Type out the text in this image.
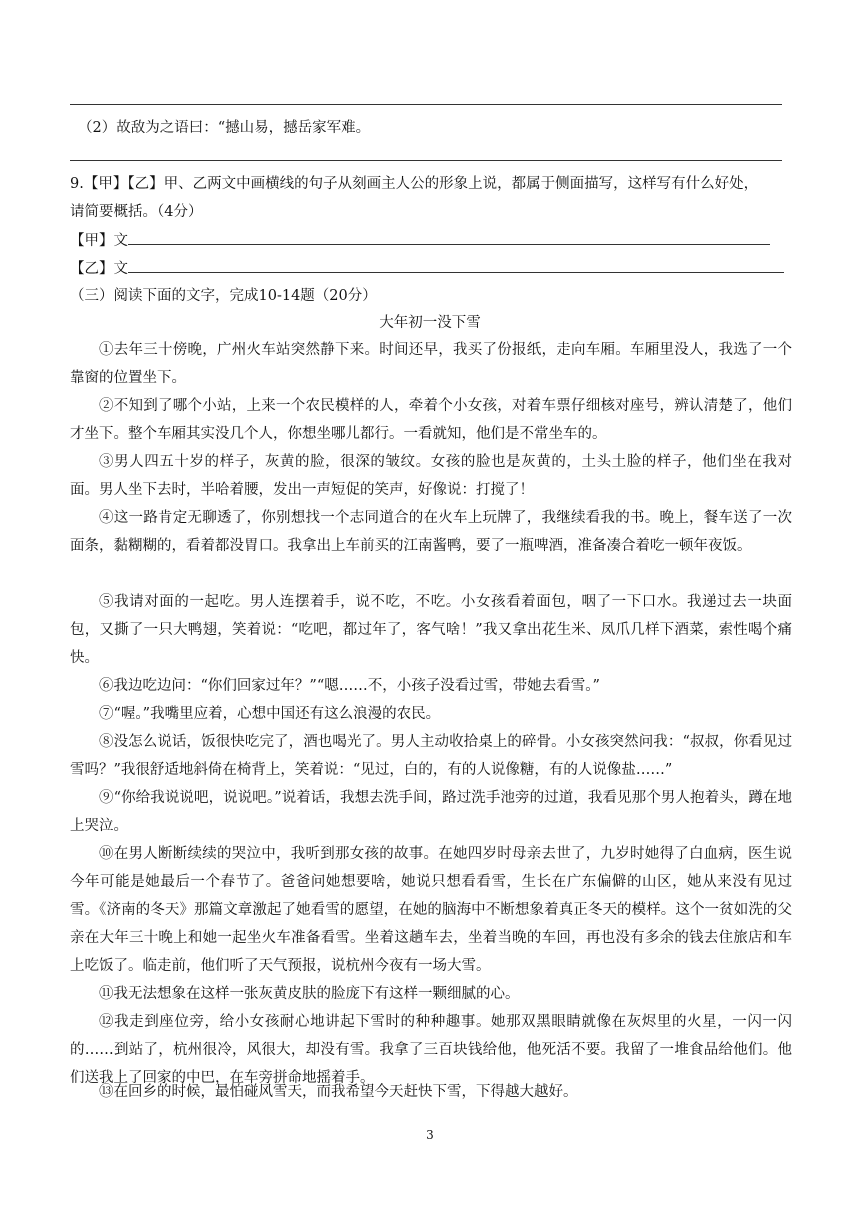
（2）故敌为之语曰：“撼山易，撼岳家军难。
9.【甲】【乙】甲、乙两文中画横线的句子从刻画主人公的形象上说，都属于侧面描写，这样写有什么好处，
请简要概括。（4分）
【甲】文
【乙】文
（三）阅读下面的文字，完成10-14题（20分）
大年初一没下雪

①去年三十傍晚，广州火车站突然静下来。时间还早，我买了份报纸，走向车厢。车厢里没人，我选了一个靠窗的位置坐下。

②不知到了哪个小站，上来一个农民模样的人，牵着个小女孩，对着车票仔细核对座号，辨认清楚了，他们才坐下。整个车厢其实没几个人，你想坐哪儿都行。一看就知，他们是不常坐车的。

③男人四五十岁的样子，灰黄的脸，很深的皱纹。女孩的脸也是灰黄的，土头土脸的样子，他们坐在我对面。男人坐下去时，半哈着腰，发出一声短促的笑声，好像说：打搅了！

④这一路肯定无聊透了，你别想找一个志同道合的在火车上玩牌了，我继续看我的书。晚上，餐车送了一次面条，黏糊糊的，看着都没胃口。我拿出上车前买的江南酱鸭，要了一瓶啤酒，准备凑合着吃一顿年夜饭。

⑤我请对面的一起吃。男人连摆着手，说不吃，不吃。小女孩看着面包，咽了一下口水。我递过去一块面包，又撕了一只大鸭翅，笑着说：“吃吧，都过年了，客气啥！”我又拿出花生米、凤爪几样下酒菜，索性喝个痛快。

⑥我边吃边问：“你们回家过年？”“嗯……不，小孩子没看过雪，带她去看雪。”

⑦“喔。”我嘴里应着，心想中国还有这么浪漫的农民。

⑧没怎么说话，饭很快吃完了，酒也喝光了。男人主动收拾桌上的碎骨。小女孩突然问我：“叔叔，你看见过雪吗？”我很舒适地斜倚在椅背上，笑着说：“见过，白的，有的人说像糖，有的人说像盐……”

⑨“你给我说说吧，说说吧。”说着话，我想去洗手间，路过洗手池旁的过道，我看见那个男人抱着头，蹲在地上哭泣。

⑩在男人断断续续的哭泣中，我听到那女孩的故事。在她四岁时母亲去世了，九岁时她得了白血病，医生说今年可能是她最后一个春节了。爸爸问她想要啥，她说只想看看雪，生长在广东偏僻的山区，她从来没有见过雪。《济南的冬天》那篇文章激起了她看雪的愿望，在她的脑海中不断想象着真正冬天的模样。这个一贫如洗的父亲在大年三十晚上和她一起坐火车准备看雪。坐着这趟车去，坐着当晚的车回，再也没有多余的钱去住旅店和车上吃饭了。临走前，他们听了天气预报，说杭州今夜有一场大雪。

⑪我无法想象在这样一张灰黄皮肤的脸庞下有这样一颗细腻的心。

⑫我走到座位旁，给小女孩耐心地讲起下雪时的种种趣事。她那双黑眼睛就像在灰烬里的火星，一闪一闪的……到站了，杭州很冷，风很大，却没有雪。我拿了三百块钱给他，他死活不要。我留了一堆食品给他们。他们送我上了回家的中巴，在车旁拼命地摇着手。

⑬在回乡的时候，最怕碰风雪天，而我希望今天赶快下雪，下得越大越好。

3
